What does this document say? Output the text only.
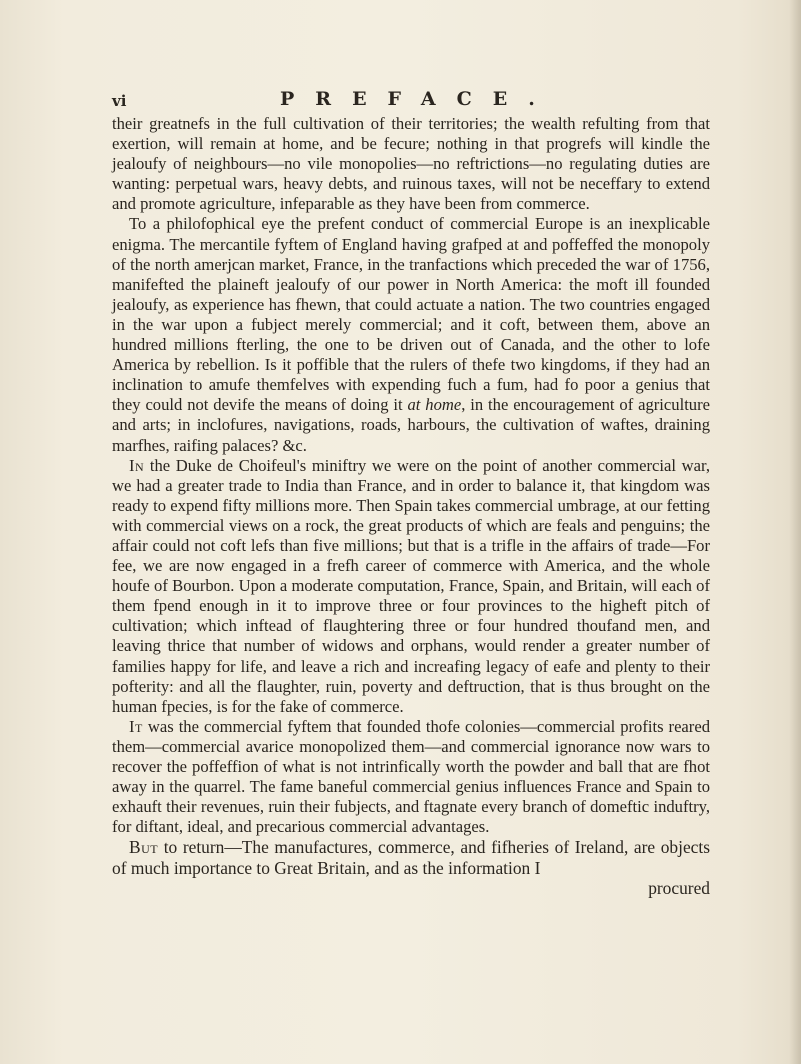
vi	PREFACE.

their greatnefs in the full cultivation of their territories; the wealth refulting from that exertion, will remain at home, and be fecure; nothing in that progrefs will kindle the jealoufy of neighbours—no vile monopolies—no reftrictions—no regulating duties are wanting: perpetual wars, heavy debts, and ruinous taxes, will not be neceffary to extend and promote agriculture, infeparable as they have been from commerce.

To a philofophical eye the prefent conduct of commercial Europe is an inexplicable enigma. The mercantile fyftem of England having grafped at and poffeffed the monopoly of the north amerjcan market, France, in the tranfactions which preceded the war of 1756, manifefted the plaineft jealoufy of our power in North America: the moft ill founded jealoufy, as experience has fhewn, that could actuate a nation. The two countries engaged in the war upon a fubject merely commercial; and it coft, between them, above an hundred millions fterling, the one to be driven out of Canada, and the other to lofe America by rebellion. Is it poffible that the rulers of thefe two kingdoms, if they had an inclination to amufe themfelves with expending fuch a fum, had fo poor a genius that they could not devife the means of doing it at home, in the encouragement of agriculture and arts; in inclofures, navigations, roads, harbours, the cultivation of waftes, draining marfhes, raifing palaces? &c.

In the Duke de Choifeul's miniftry we were on the point of another commercial war, we had a greater trade to India than France, and in order to balance it, that kingdom was ready to expend fifty millions more. Then Spain takes commercial umbrage, at our fetting with commercial views on a rock, the great products of which are feals and penguins; the affair could not coft lefs than five millions; but that is a trifle in the affairs of trade—For fee, we are now engaged in a frefh career of commerce with America, and the whole houfe of Bourbon. Upon a moderate computation, France, Spain, and Britain, will each of them fpend enough in it to improve three or four provinces to the higheft pitch of cultivation; which inftead of flaughtering three or four hundred thoufand men, and leaving thrice that number of widows and orphans, would render a greater number of families happy for life, and leave a rich and increafing legacy of eafe and plenty to their pofterity: and all the flaughter, ruin, poverty and deftruction, that is thus brought on the human fpecies, is for the fake of commerce.

It was the commercial fyftem that founded thofe colonies—commercial profits reared them—commercial avarice monopolized them—and commercial ignorance now wars to recover the poffeffion of what is not intrinfically worth the powder and ball that are fhot away in the quarrel. The fame baneful commercial genius influences France and Spain to exhauft their revenues, ruin their fubjects, and ftagnate every branch of domeftic induftry, for diftant, ideal, and precarious commercial advantages.

But to return—The manufactures, commerce, and fifheries of Ireland, are objects of much importance to Great Britain, and as the information I

procured
